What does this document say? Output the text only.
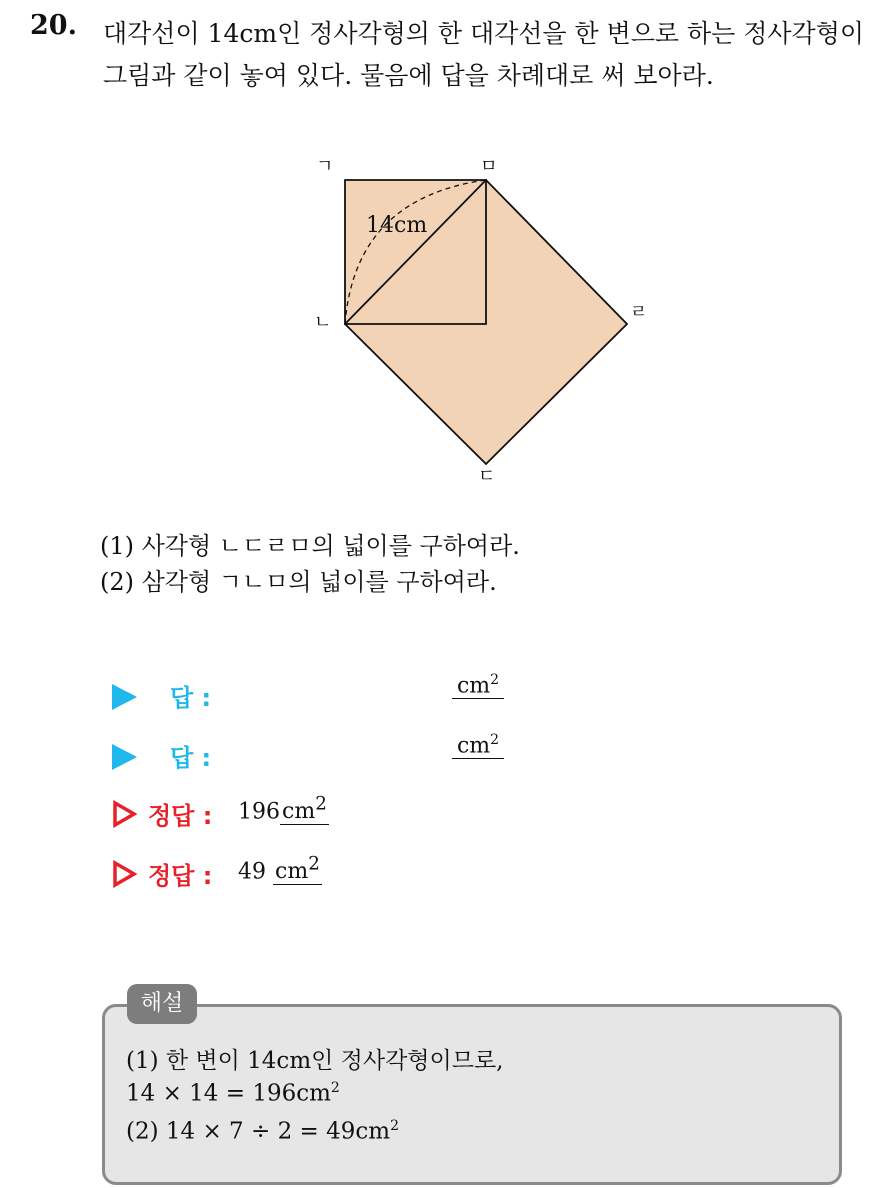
20. 대각선이 14cm인 정사각형의 한 대각선을 한 변으로 하는 정사각형이
그림과 같이 놓여 있다. 물음에 답을 차례대로 써 보아라.
14cm
ㄱ	ㅁ
ㄴ	ㄹ
ㄷ
(1) 사각형 ㄴㄷㄹㅁ의 넓이를 구하여라.
(2) 삼각형 ㄱㄴㅁ의 넓이를 구하여라.
답 :	$cm^2$
답 :	$cm^2$
정답 : $196cm^2$
정답 : 49 $cm^2$
해설
(1) 한 변이 14cm인 정사각형이므로,
$14 \times 14 = 196cm^2$
(2) $14 \times 7 \div 2 = 49cm^2$
